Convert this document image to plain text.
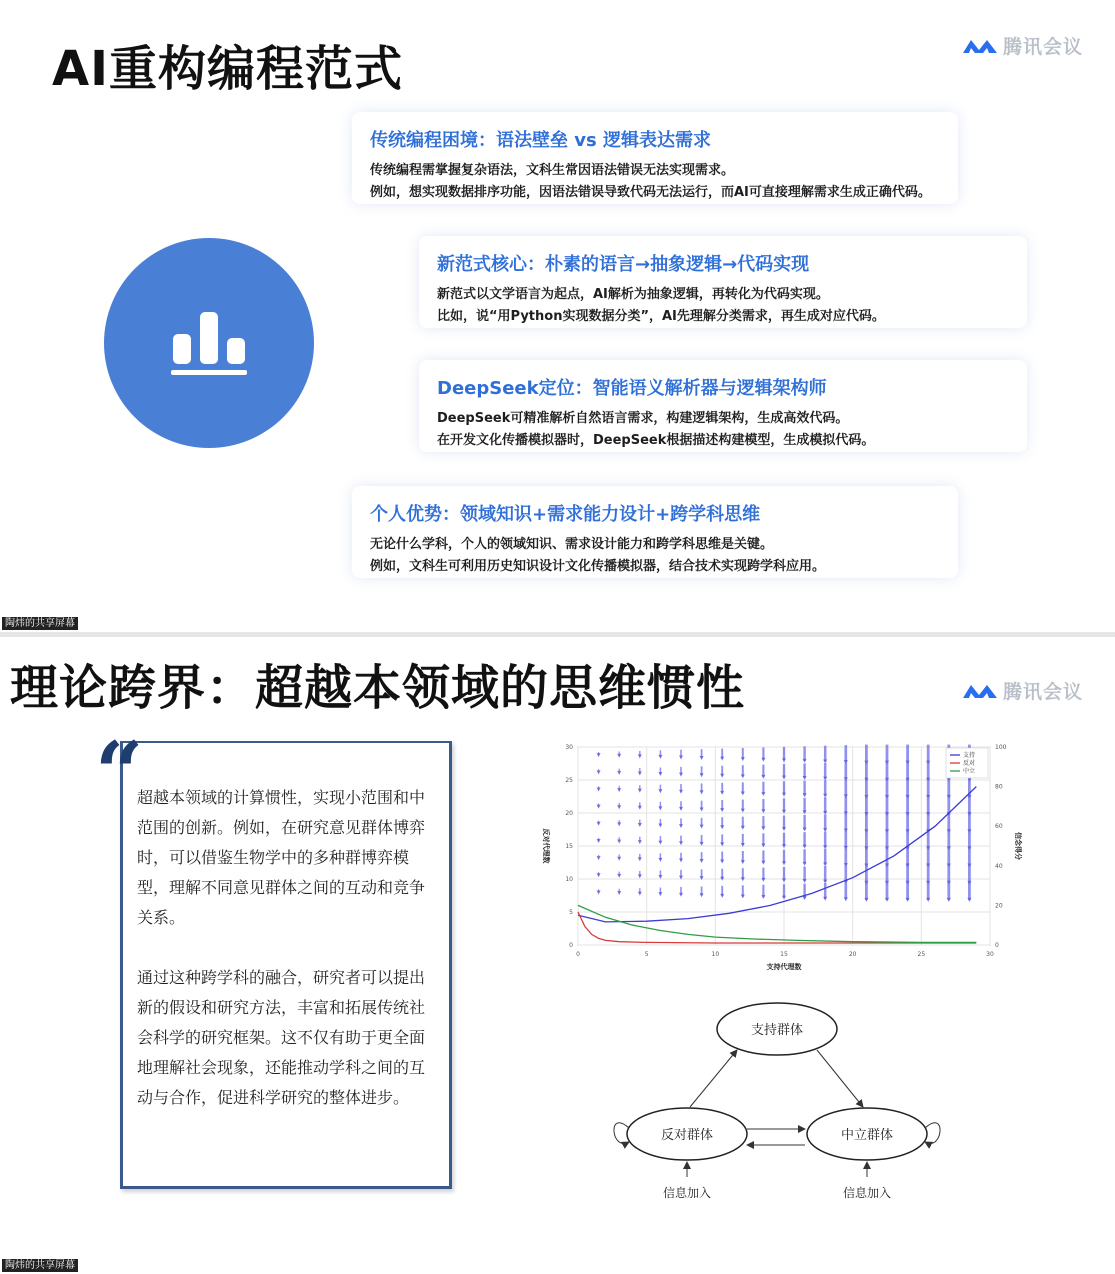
AI重构编程范式	腾讯会议
传统编程困境：语法壁垒 vs 逻辑表达需求
传统编程需掌握复杂语法，文科生常因语法错误无法实现需求。
例如，想实现数据排序功能，因语法错误导致代码无法运行，而AI可直接理解需求生成正确代码。
新范式核心：朴素的语言→抽象逻辑→代码实现
新范式以文学语言为起点，AI解析为抽象逻辑，再转化为代码实现。
比如，说“用Python实现数据分类”，AI先理解分类需求，再生成对应代码。
DeepSeek定位：智能语义解析器与逻辑架构师
DeepSeek可精准解析自然语言需求，构建逻辑架构，生成高效代码。
在开发文化传播模拟器时，DeepSeek根据描述构建模型，生成模拟代码。
个人优势：领域知识+需求能力设计+跨学科思维
无论什么学科，个人的领域知识、需求设计能力和跨学科思维是关键。
例如，文科生可利用历史知识设计文化传播模拟器，结合技术实现跨学科应用。
陶炜的共享屏幕
理论跨界：超越本领域的思维惯性	腾讯会议

超越本领域的计算惯性，实现小范围和中范围的创新。例如，在研究意见群体博弈时，可以借鉴生物学中的多种群博弈模型，理解不同意见群体之间的互动和竞争关系。

通过这种跨学科的融合，研究者可以提出新的假设和研究方法，丰富和拓展传统社会科学的研究框架。这不仅有助于更全面地理解社会现象，还能推动学科之间的互动与合作，促进科学研究的整体进步。

“
0	5	10	15	20	25	30
0
5
10
15
20
25
30
0
20
40
60
80
100
支持
反对
中立
支持代理数
反对代理数	信念得分
支持群体
反对群体	中立群体
信息加入	信息加入
陶炜的共享屏幕
